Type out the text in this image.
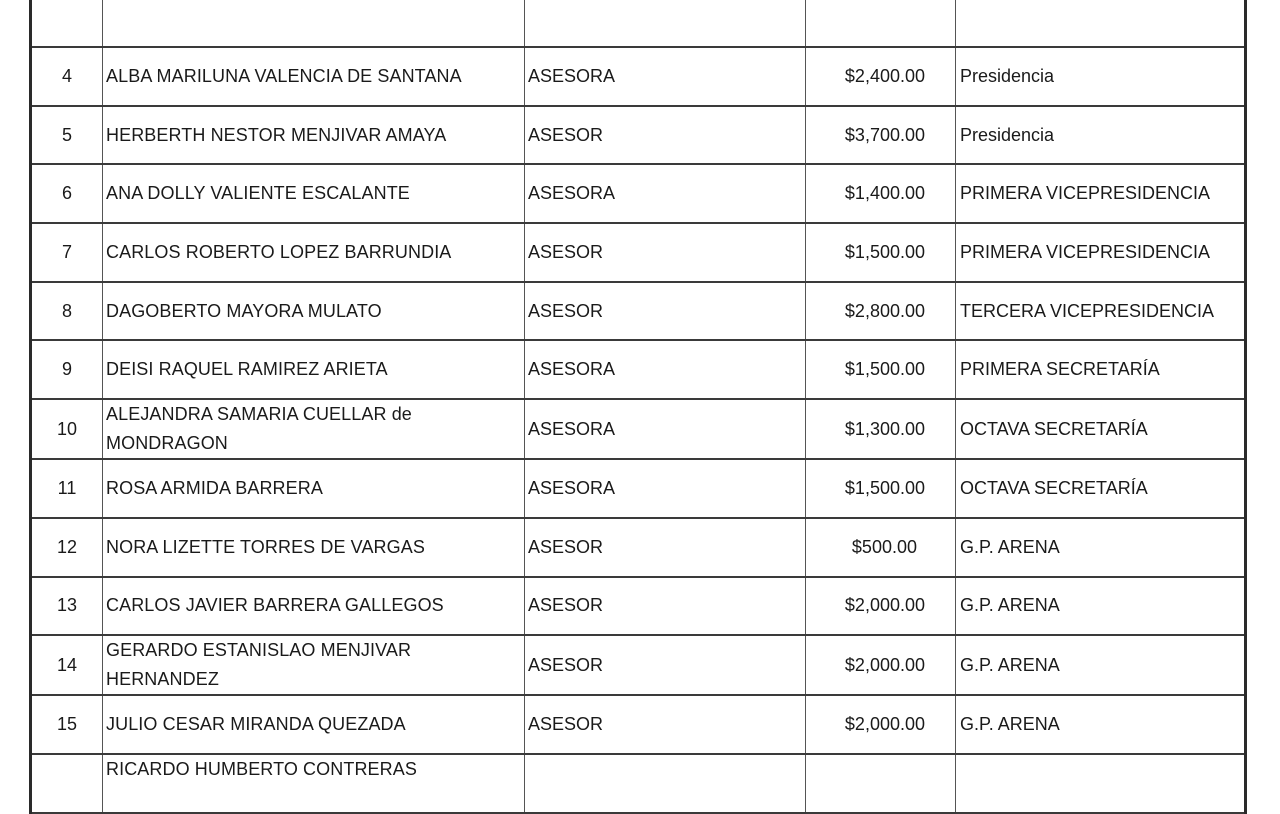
4	ALBA MARILUNA VALENCIA DE SANTANA	ASESORA	$2,400.00	Presidencia
5	HERBERTH NESTOR MENJIVAR AMAYA	ASESOR	$3,700.00	Presidencia
6	ANA DOLLY VALIENTE ESCALANTE	ASESORA	$1,400.00	PRIMERA VICEPRESIDENCIA
7	CARLOS ROBERTO LOPEZ BARRUNDIA	ASESOR	$1,500.00	PRIMERA VICEPRESIDENCIA
8	DAGOBERTO MAYORA MULATO	ASESOR	$2,800.00	TERCERA VICEPRESIDENCIA
9	DEISI RAQUEL RAMIREZ ARIETA	ASESORA	$1,500.00	PRIMERA SECRETARÍA
10	ALEJANDRA SAMARIA CUELLAR de MONDRAGON	ASESORA	$1,300.00	OCTAVA SECRETARÍA
11	ROSA ARMIDA BARRERA	ASESORA	$1,500.00	OCTAVA SECRETARÍA
12	NORA LIZETTE TORRES DE VARGAS	ASESOR	$500.00	G.P. ARENA
13	CARLOS JAVIER BARRERA GALLEGOS	ASESOR	$2,000.00	G.P. ARENA
14	GERARDO ESTANISLAO MENJIVAR HERNANDEZ	ASESOR	$2,000.00	G.P. ARENA
15	JULIO CESAR MIRANDA QUEZADA	ASESOR	$2,000.00	G.P. ARENA
	RICARDO HUMBERTO CONTRERAS			
